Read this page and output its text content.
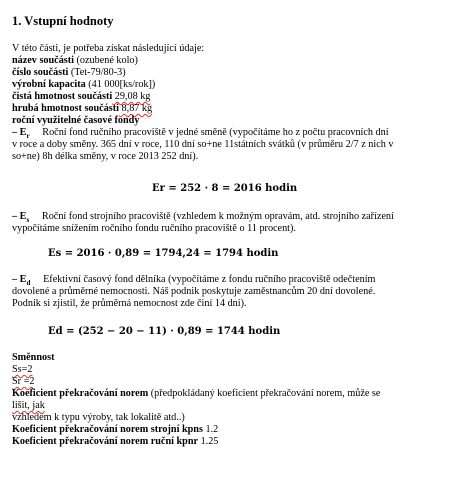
1. Vstupní hodnoty
V této části, je potřeba získat následující údaje:
název součásti (ozubené kolo)
číslo součásti (Tet-79/80-3)
výrobní kapacita (41 000[ks/rok])
čistá hmotnost součásti 29,08 kg
hrubá hmotnost součásti 8,87 kg
roční využitelné časové fondy
– $E_r$ Roční fond ručního pracoviště v jedné směně (vypočítáme ho z počtu pracovních dní
v roce a doby směny. 365 dní v roce, 110 dní so+ne 11státních svátků (v průměru 2/7 z nich v
so+ne) 8h délka směny, v roce 2013 252 dní).
Er = 252 · 8 = 2016 hodin
– $E_s$ Roční fond strojního pracoviště (vzhledem k možným opravám, atd. strojního zařízení
vypočítáme snížením ročního fondu ručního pracoviště o 11 procent).
Es = 2016 · 0,89 = 1794,24 = 1794 hodin
– $E_d$ Efektivní časový fond dělníka (vypočítáme z fondu ručního pracoviště odečtením
dovolené a průměrné nemocnosti. Náš podnik poskytuje zaměstnancům 20 dní dovolené.
Podnik si zjistil, že průměrná nemocnost zde činí 14 dní).
Ed = (252 − 20 − 11) · 0,89 = 1744 hodin
Směnnost
Ss=2
Sr =2
Koeficient překračování norem (předpokládaný koeficient překračování norem, může se
lišit, jak
vzhledem k typu výroby, tak lokalitě atd..)
Koeficient překračování norem strojní kpns 1.2
Koeficient překračování norem ruční kpnr 1.25
